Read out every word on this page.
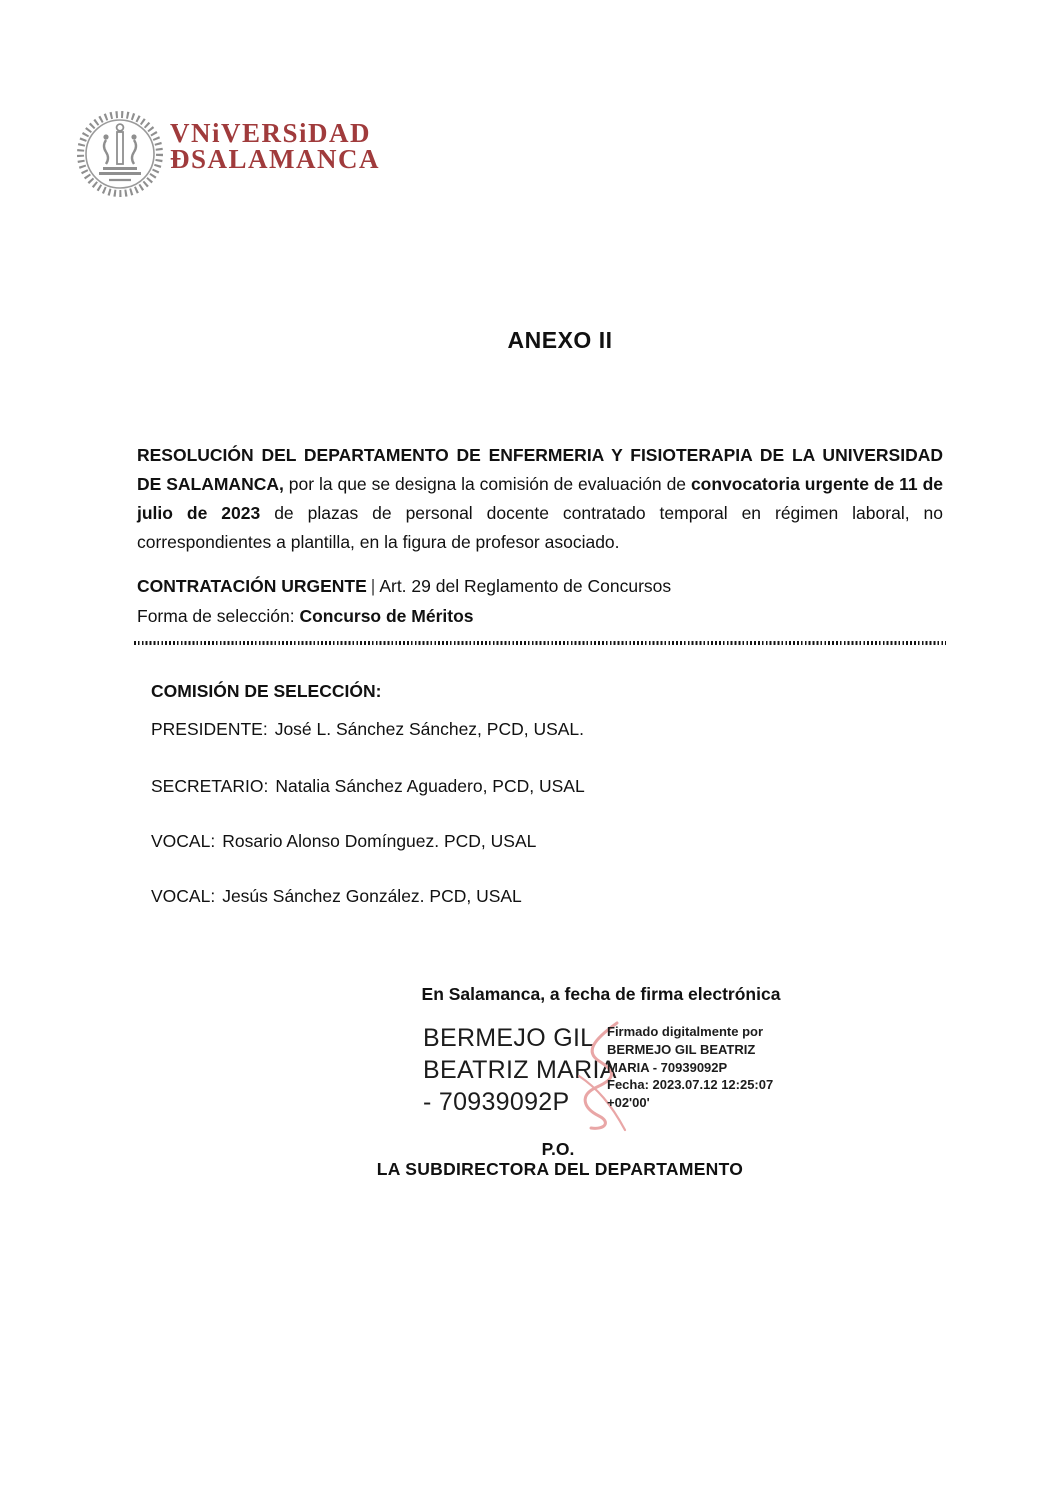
VNiVERSiDAD
ÐSALAMANCA
ANEXO II

RESOLUCIÓN DEL DEPARTAMENTO DE ENFERMERIA Y FISIOTERAPIA DE LA UNIVERSIDAD DE SALAMANCA, por la que se designa la comisión de evaluación de convocatoria urgente de 11 de julio de 2023 de plazas de personal docente contratado temporal en régimen laboral, no correspondientes a plantilla, en la figura de profesor asociado.

CONTRATACIÓN URGENTE | Art. 29 del Reglamento de Concursos
Forma de selección: Concurso de Méritos
COMISIÓN DE SELECCIÓN:
PRESIDENTE: José L. Sánchez Sánchez, PCD, USAL.
SECRETARIO: Natalia Sánchez Aguadero, PCD, USAL
VOCAL: Rosario Alonso Domínguez. PCD, USAL
VOCAL: Jesús Sánchez González. PCD, USAL
En Salamanca, a fecha de firma electrónica
BERMEJO GIL
BEATRIZ MARIA
- 70939092P
Firmado digitalmente por
BERMEJO GIL BEATRIZ
MARIA - 70939092P
Fecha: 2023.07.12 12:25:07
+02'00'
P.O.
LA SUBDIRECTORA DEL DEPARTAMENTO
